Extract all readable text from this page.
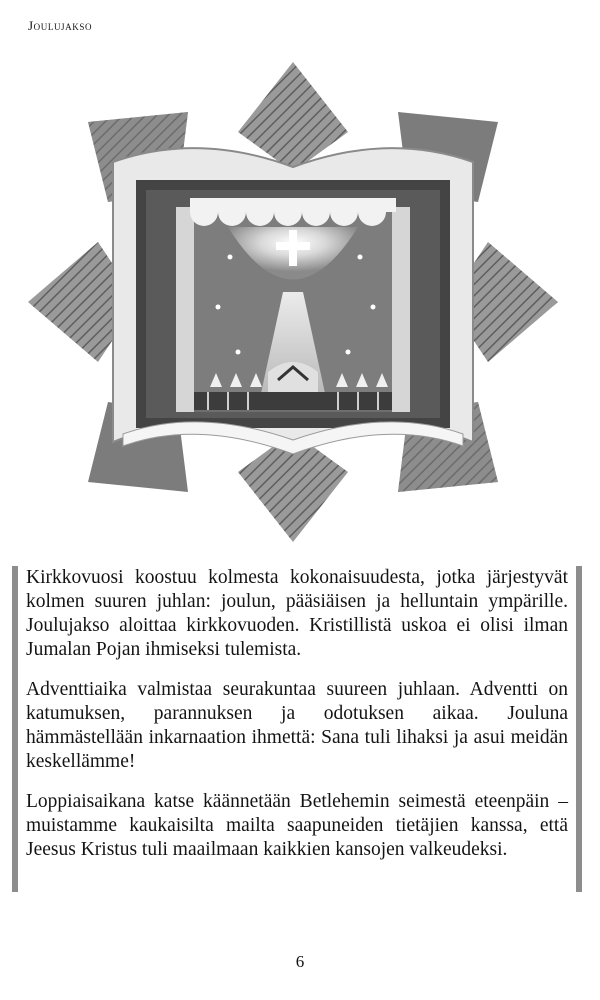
Joulujakso

Kirkkovuosi koostuu kolmesta kokonaisuudesta, jotka järjestyvät kolmen suuren juhlan: joulun, pääsiäisen ja helluntain ympärille. Joulujakso aloittaa kirkkovuoden. Kristillistä uskoa ei olisi ilman Jumalan Pojan ihmiseksi tulemista.

Adventtiaika valmistaa seurakuntaa suureen juhlaan. Adventti on katumuksen, parannuksen ja odotuksen aikaa. Jouluna hämmästellään inkarnaation ihmettä: Sana tuli lihaksi ja asui meidän keskellämme!

Loppiaisaikana katse käännetään Betlehemin seimestä eteenpäin – muistamme kaukaisilta mailta saapuneiden tietäjien kanssa, että Jeesus Kristus tuli maailmaan kaikkien kansojen valkeudeksi.

6
